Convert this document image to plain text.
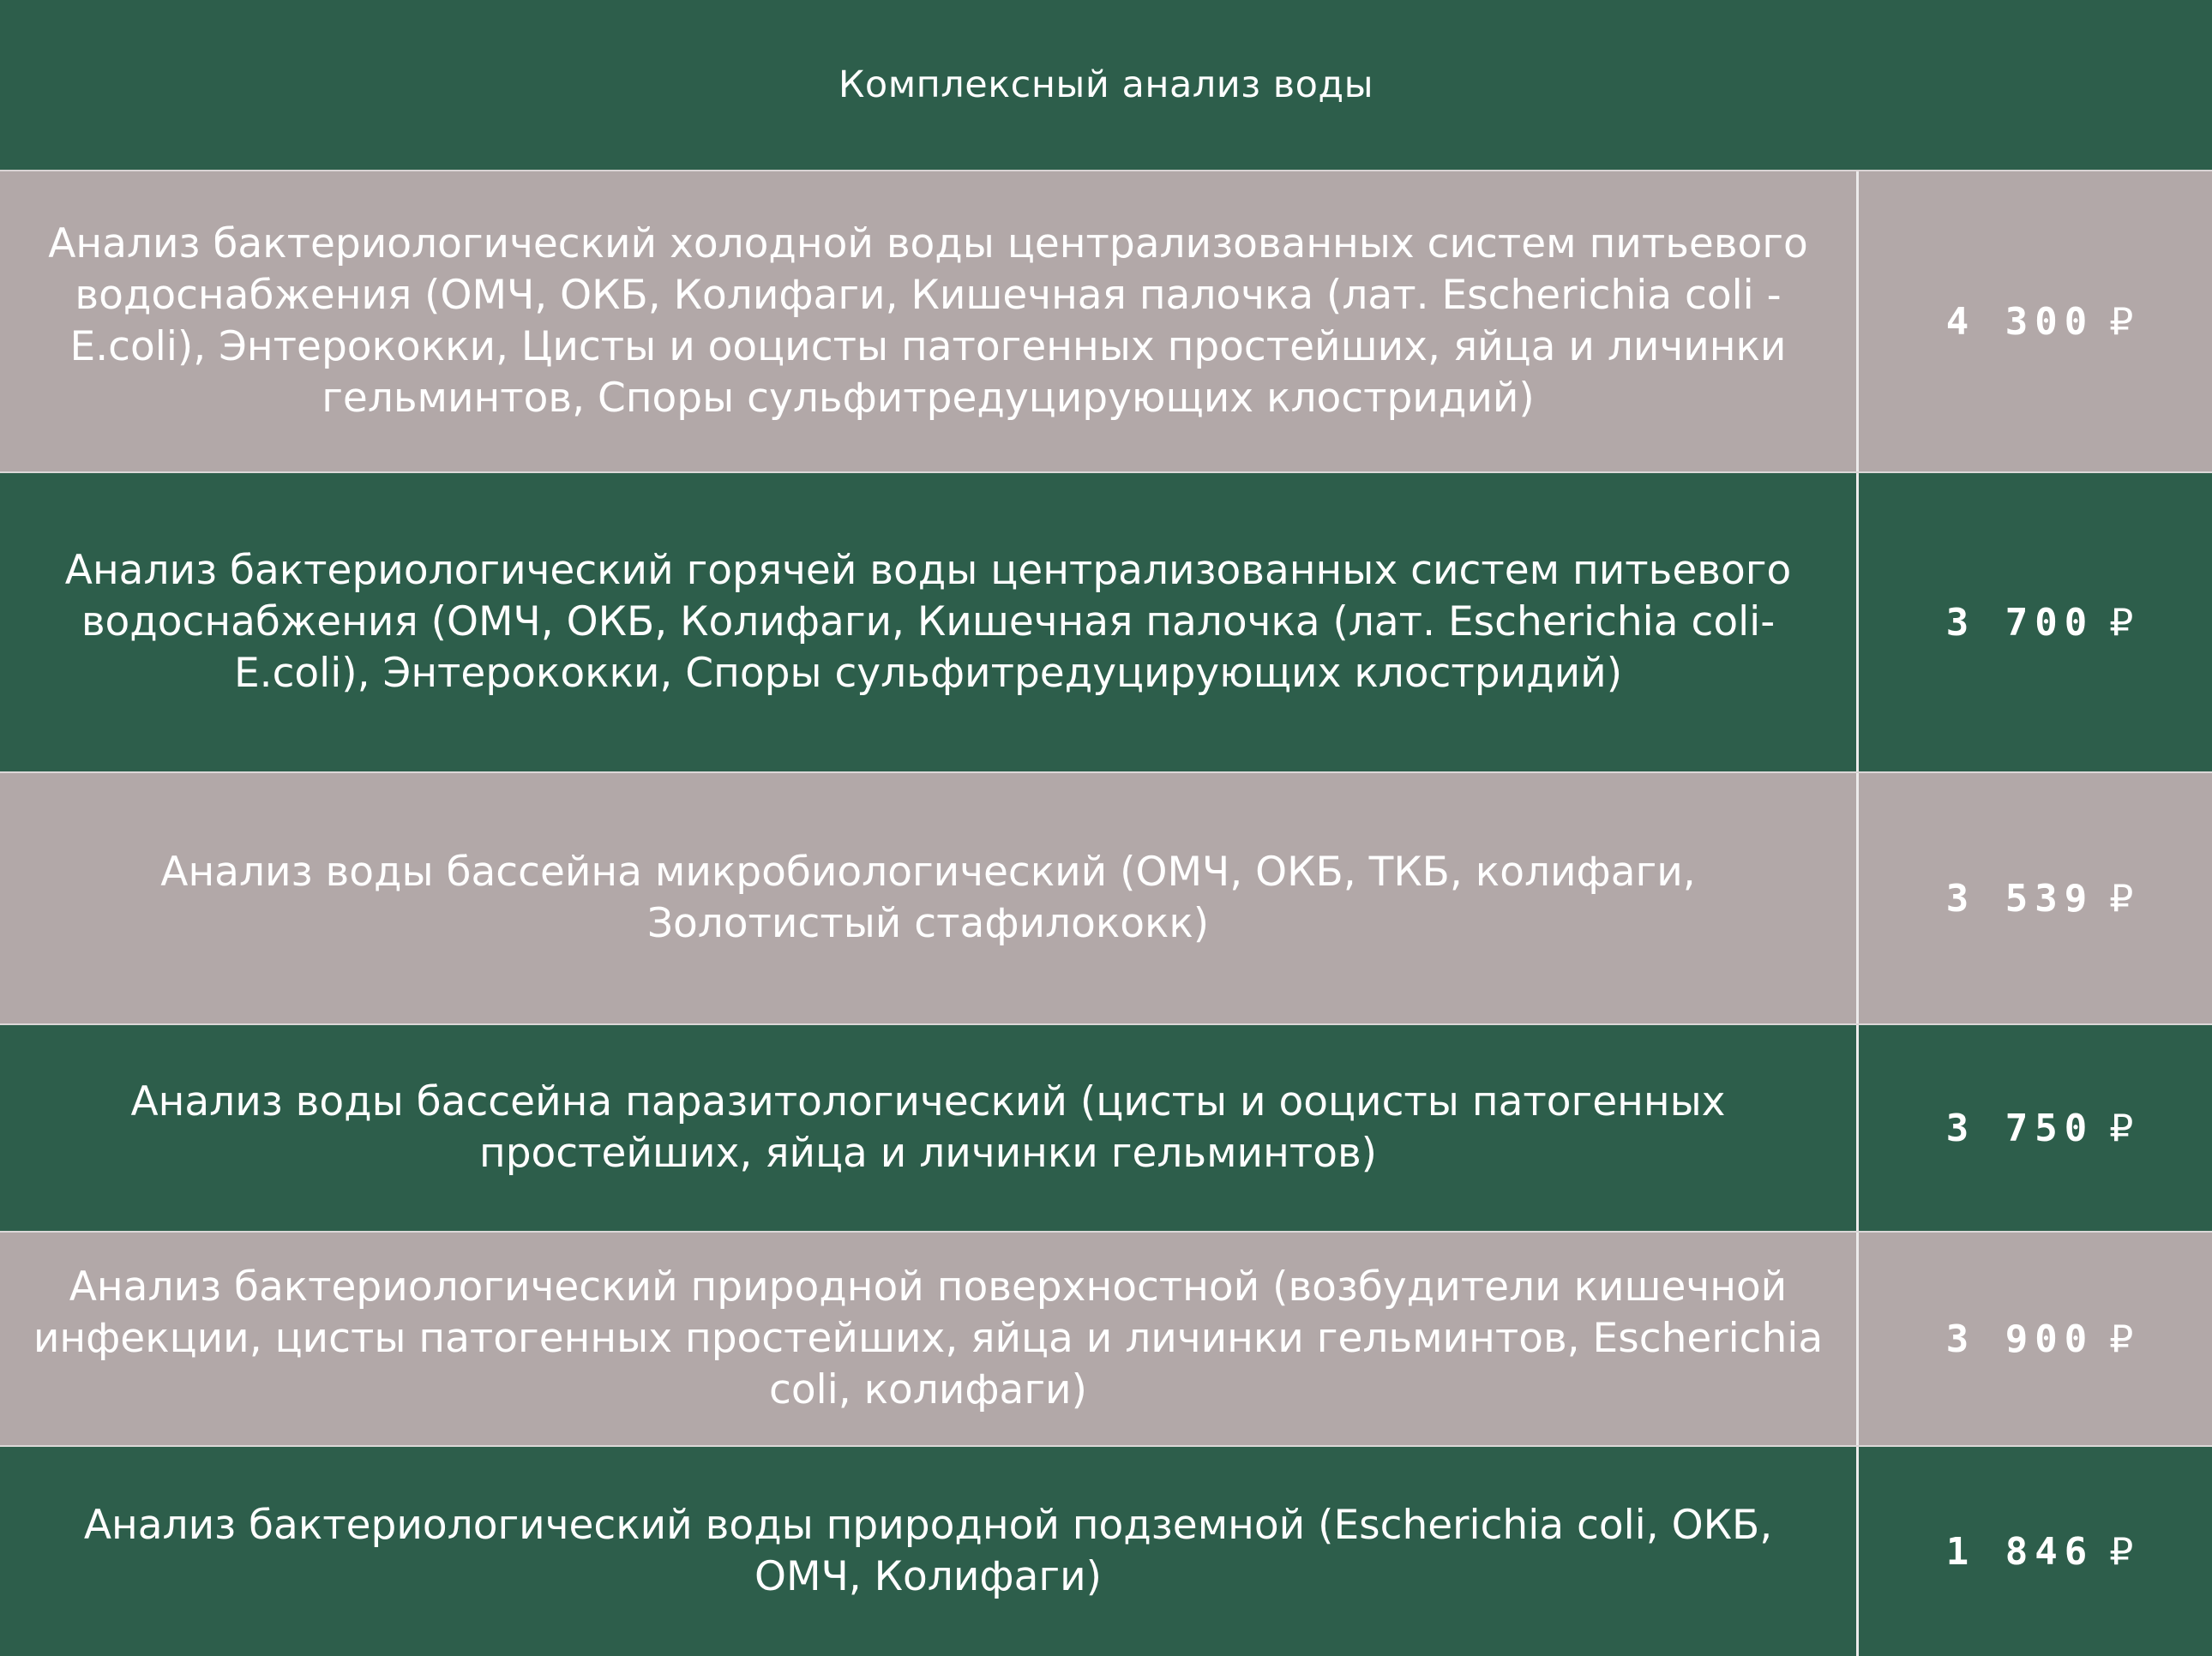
Комплексный анализ воды
Анализ бактериологический холодной воды централизованных систем питьевого водоснабжения (ОМЧ, ОКБ, Колифаги, Кишечная палочка (лат. Escherichia coli - E.coli), Энтерококки, Цисты и ооцисты патогенных простейших, яйца и личинки гельминтов, Споры сульфитредуцирующих клостридий)
4 300 ₽
Анализ бактериологический горячей воды централизованных систем питьевого водоснабжения (ОМЧ, ОКБ, Колифаги, Кишечная палочка (лат. Escherichia coli- E.coli), Энтерококки, Споры сульфитредуцирующих клостридий)
3 700 ₽
Анализ воды бассейна микробиологический (ОМЧ, ОКБ, ТКБ, колифаги, Золотистый стафилококк)
3 539 ₽
Анализ воды бассейна паразитологический (цисты и ооцисты патогенных простейших, яйца и личинки гельминтов)
3 750 ₽
Анализ бактериологический природной поверхностной (возбудители кишечной инфекции, цисты патогенных простейших, яйца и личинки гельминтов, Escherichia coli, колифаги)
3 900 ₽
Анализ бактериологический воды природной подземной (Escherichia coli, ОКБ, ОМЧ, Колифаги)
1 846 ₽
